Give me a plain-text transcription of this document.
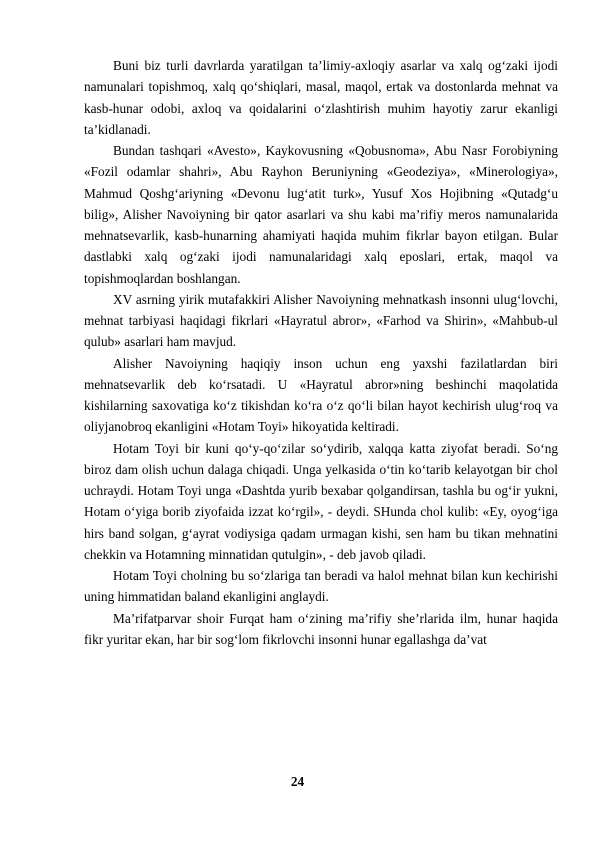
Buni biz turli davrlarda yaratilgan ta’limiy-axloqiy asarlar va xalq og‘zaki ijodi namunalari topishmoq, xalq qo‘shiqlari, masal, maqol, ertak va dostonlarda mehnat va kasb-hunar odobi, axloq va qoidalarini o‘zlashtirish muhim hayotiy zarur ekanligi ta’kidlanadi.

Bundan tashqari «Avesto», Kaykovusning «Qobusnoma», Abu Nasr Forobiyning «Fozil odamlar shahri», Abu Rayhon Beruniyning «Geodeziya», «Minerologiya», Mahmud Qoshg‘ariyning «Devonu lug‘atit turk», Yusuf Xos Hojibning «Qutadg‘u bilig», Alisher Navoiyning bir qator asarlari va shu kabi ma’rifiy meros namunalarida mehnatsevarlik, kasb-hunarning ahamiyati haqida muhim fikrlar bayon etilgan. Bular dastlabki xalq og‘zaki ijodi namunalaridagi xalq eposlari, ertak, maqol va topishmoqlardan boshlangan.

XV asrning yirik mutafakkiri Alisher Navoiyning mehnatkash insonni ulug‘lovchi, mehnat tarbiyasi haqidagi fikrlari «Hayratul abror», «Farhod va Shirin», «Mahbub-ul qulub» asarlari ham mavjud.

Alisher Navoiyning haqiqiy inson uchun eng yaxshi fazilatlardan biri mehnatsevarlik deb ko‘rsatadi. U «Hayratul abror»ning beshinchi maqolatida kishilarning saxovatiga ko‘z tikishdan ko‘ra o‘z qo‘li bilan hayot kechirish ulug‘roq va oliyjanobroq ekanligini «Hotam Toyi» hikoyatida keltiradi.

Hotam Toyi bir kuni qo‘y-qo‘zilar so‘ydirib, xalqqa katta ziyofat beradi. So‘ng biroz dam olish uchun dalaga chiqadi. Unga yelkasida o‘tin ko‘tarib kelayotgan bir chol uchraydi. Hotam Toyi unga «Dashtda yurib bexabar qolgandirsan, tashla bu og‘ir yukni, Hotam o‘yiga borib ziyofaida izzat ko‘rgil», - deydi. SHunda chol kulib: «Ey, oyog‘iga hirs band solgan, g‘ayrat vodiysiga qadam urmagan kishi, sen ham bu tikan mehnatini chekkin va Hotamning minnatidan qutulgin», - deb javob qiladi.

Hotam Toyi cholning bu so‘zlariga tan beradi va halol mehnat bilan kun kechirishi uning himmatidan baland ekanligini anglaydi.

Ma’rifatparvar shoir Furqat ham o‘zining ma’rifiy she’rlarida ilm, hunar haqida fikr yuritar ekan, har bir sog‘lom fikrlovchi insonni hunar egallashga da’vat

24
